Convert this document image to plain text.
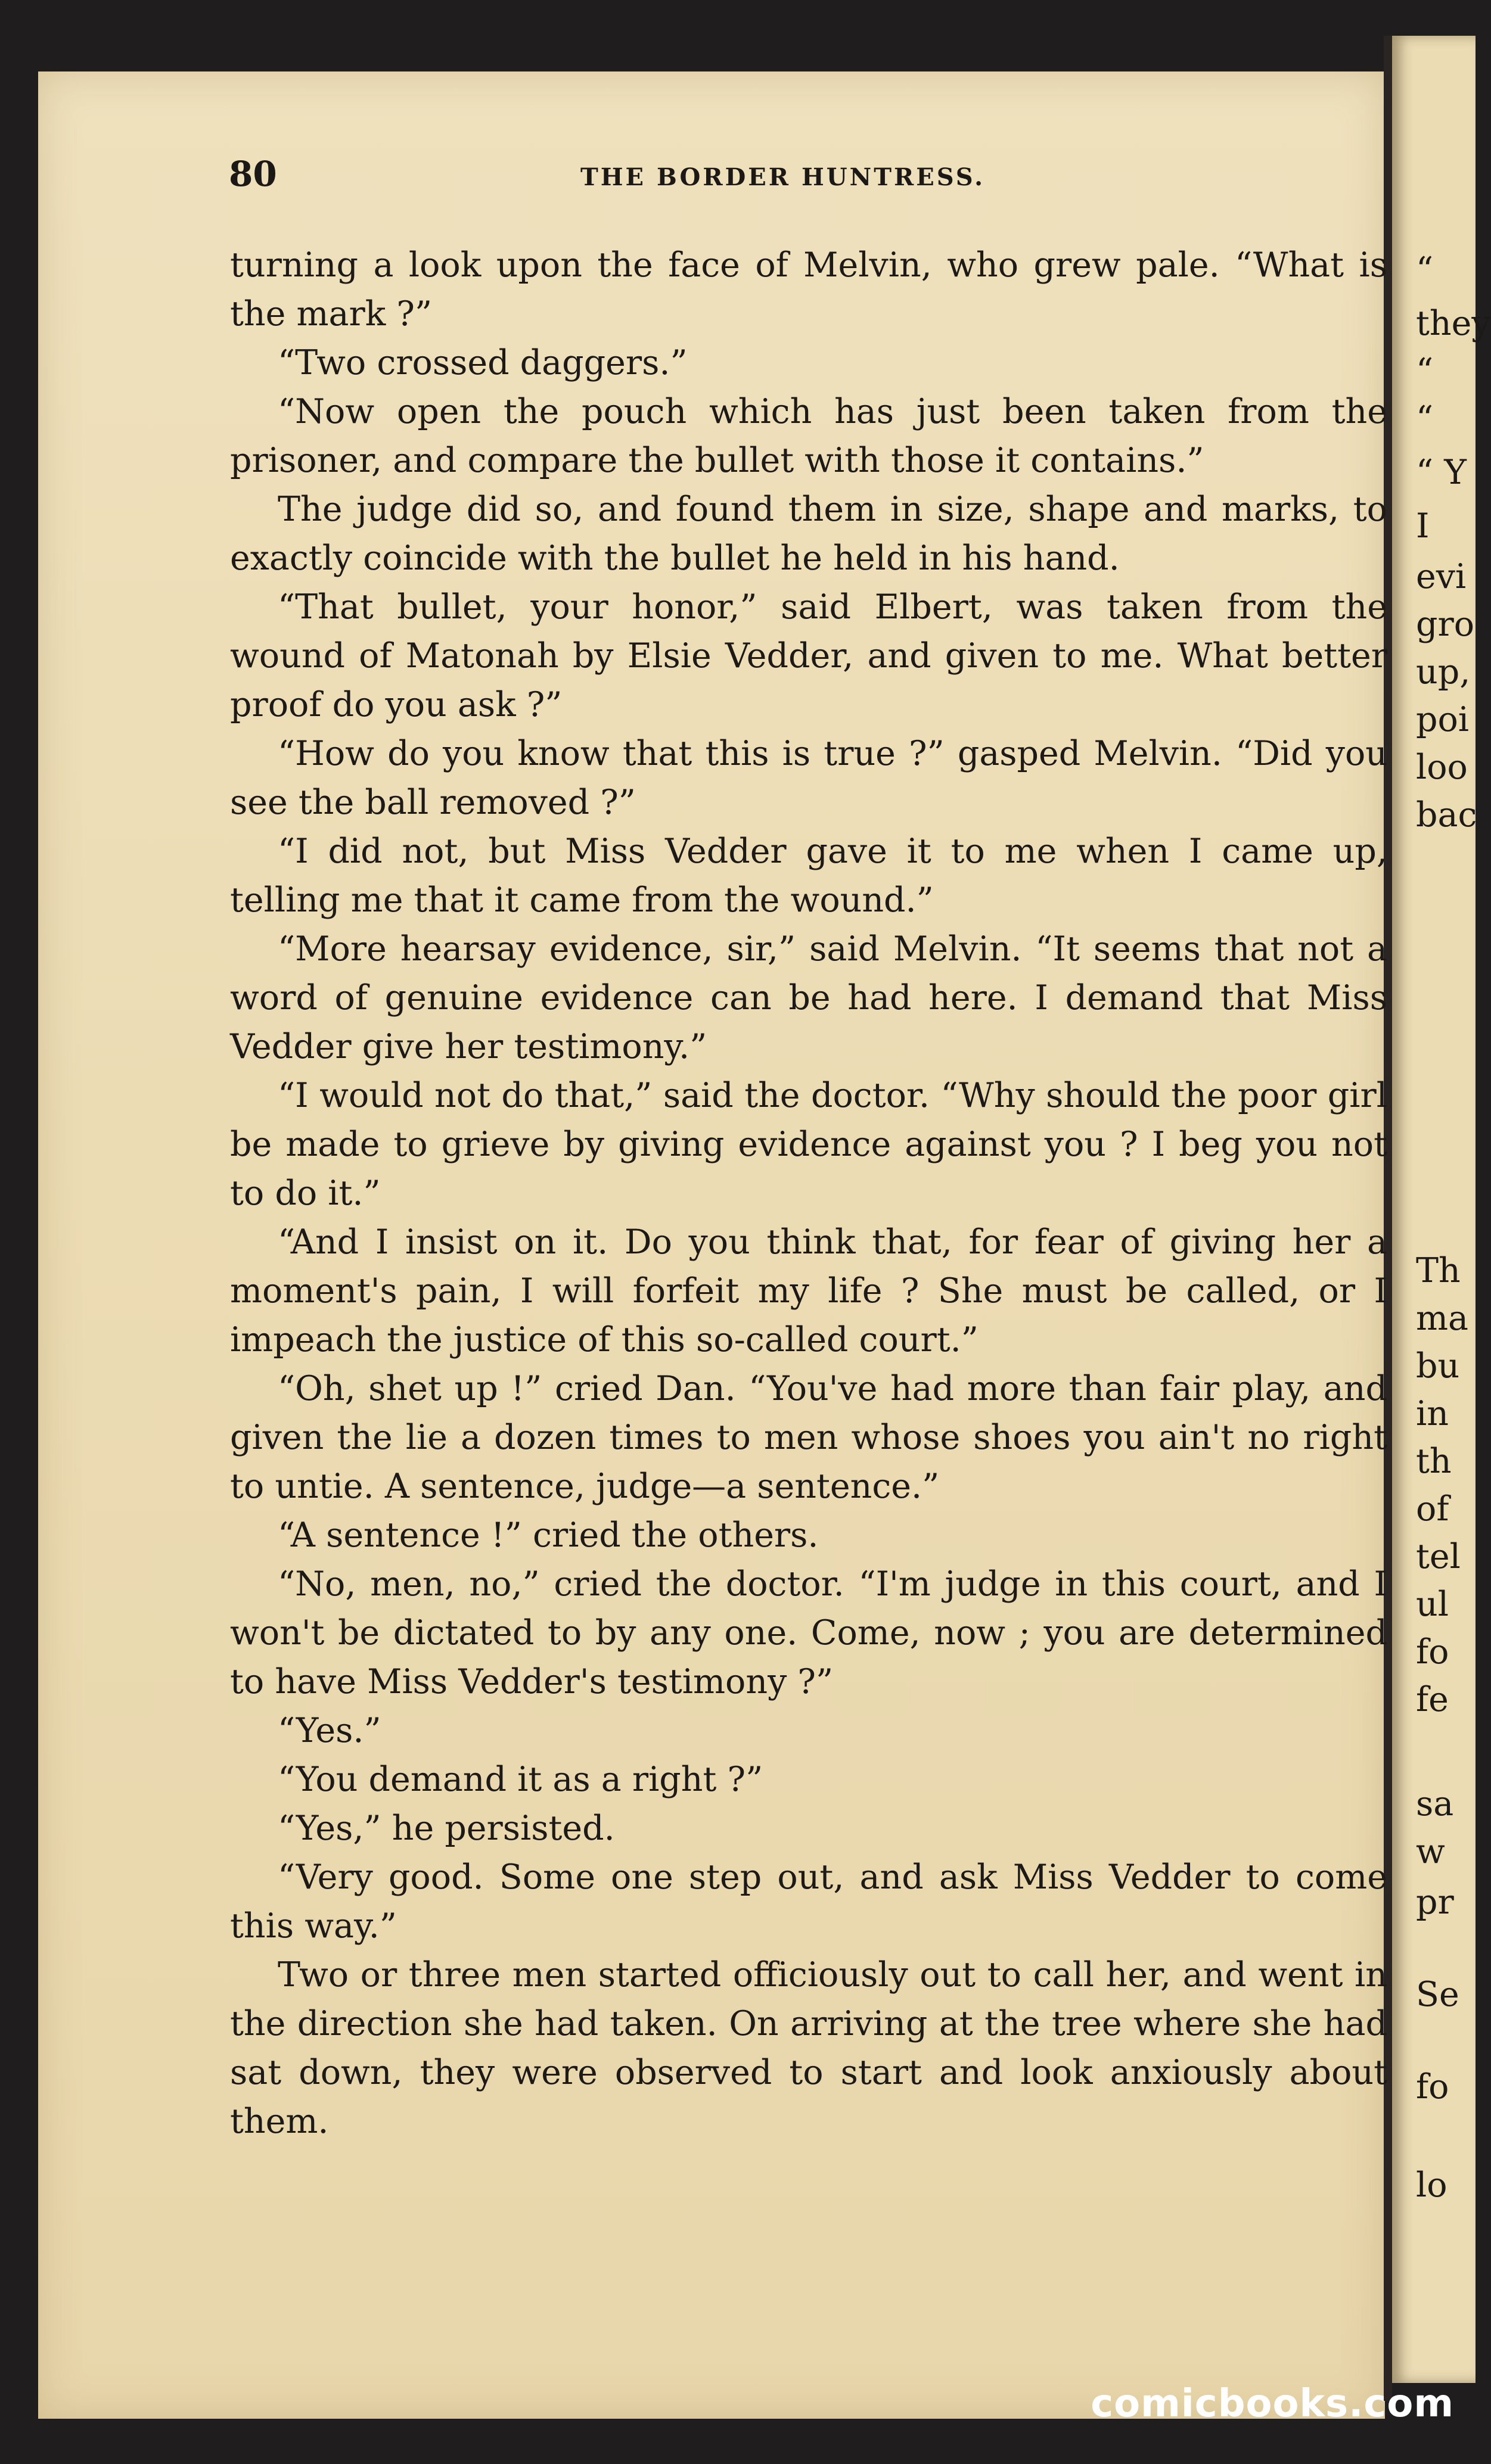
“
they
“
“
“ Y
I
evi
gro
up,
poi
loo
bac
Th
ma
bu
in
th
of
tel
ul
fo
fe
sa
w
pr
Se
fo
lo
80	THE BORDER HUNTRESS.

turning a look upon the face of Melvin, who grew pale. “What is the mark ?”

“Two crossed daggers.”

“Now open the pouch which has just been taken from the prisoner, and compare the bullet with those it contains.”

The judge did so, and found them in size, shape and marks, to exactly coincide with the bullet he held in his hand.

“That bullet, your honor,” said Elbert, was taken from the wound of Matonah by Elsie Vedder, and given to me. What better proof do you ask ?”

“How do you know that this is true ?” gasped Melvin. “Did you see the ball removed ?”

“I did not, but Miss Vedder gave it to me when I came up, telling me that it came from the wound.”

“More hearsay evidence, sir,” said Melvin. “It seems that not a word of genuine evidence can be had here. I demand that Miss Vedder give her testimony.”

“I would not do that,” said the doctor. “Why should the poor girl be made to grieve by giving evidence against you ? I beg you not to do it.”

“And I insist on it. Do you think that, for fear of giving her a moment's pain, I will forfeit my life ? She must be called, or I impeach the justice of this so-called court.”

“Oh, shet up !” cried Dan. “You've had more than fair play, and given the lie a dozen times to men whose shoes you ain't no right to untie. A sentence, judge—a sentence.”

“A sentence !” cried the others.

“No, men, no,” cried the doctor. “I'm judge in this court, and I won't be dictated to by any one. Come, now ; you are determined to have Miss Vedder's testimony ?”

“Yes.”

“You demand it as a right ?”

“Yes,” he persisted.

“Very good. Some one step out, and ask Miss Vedder to come this way.”

Two or three men started officiously out to call her, and went in the direction she had taken. On arriving at the tree where she had sat down, they were observed to start and look anxiously about them.

comicbooks.com
